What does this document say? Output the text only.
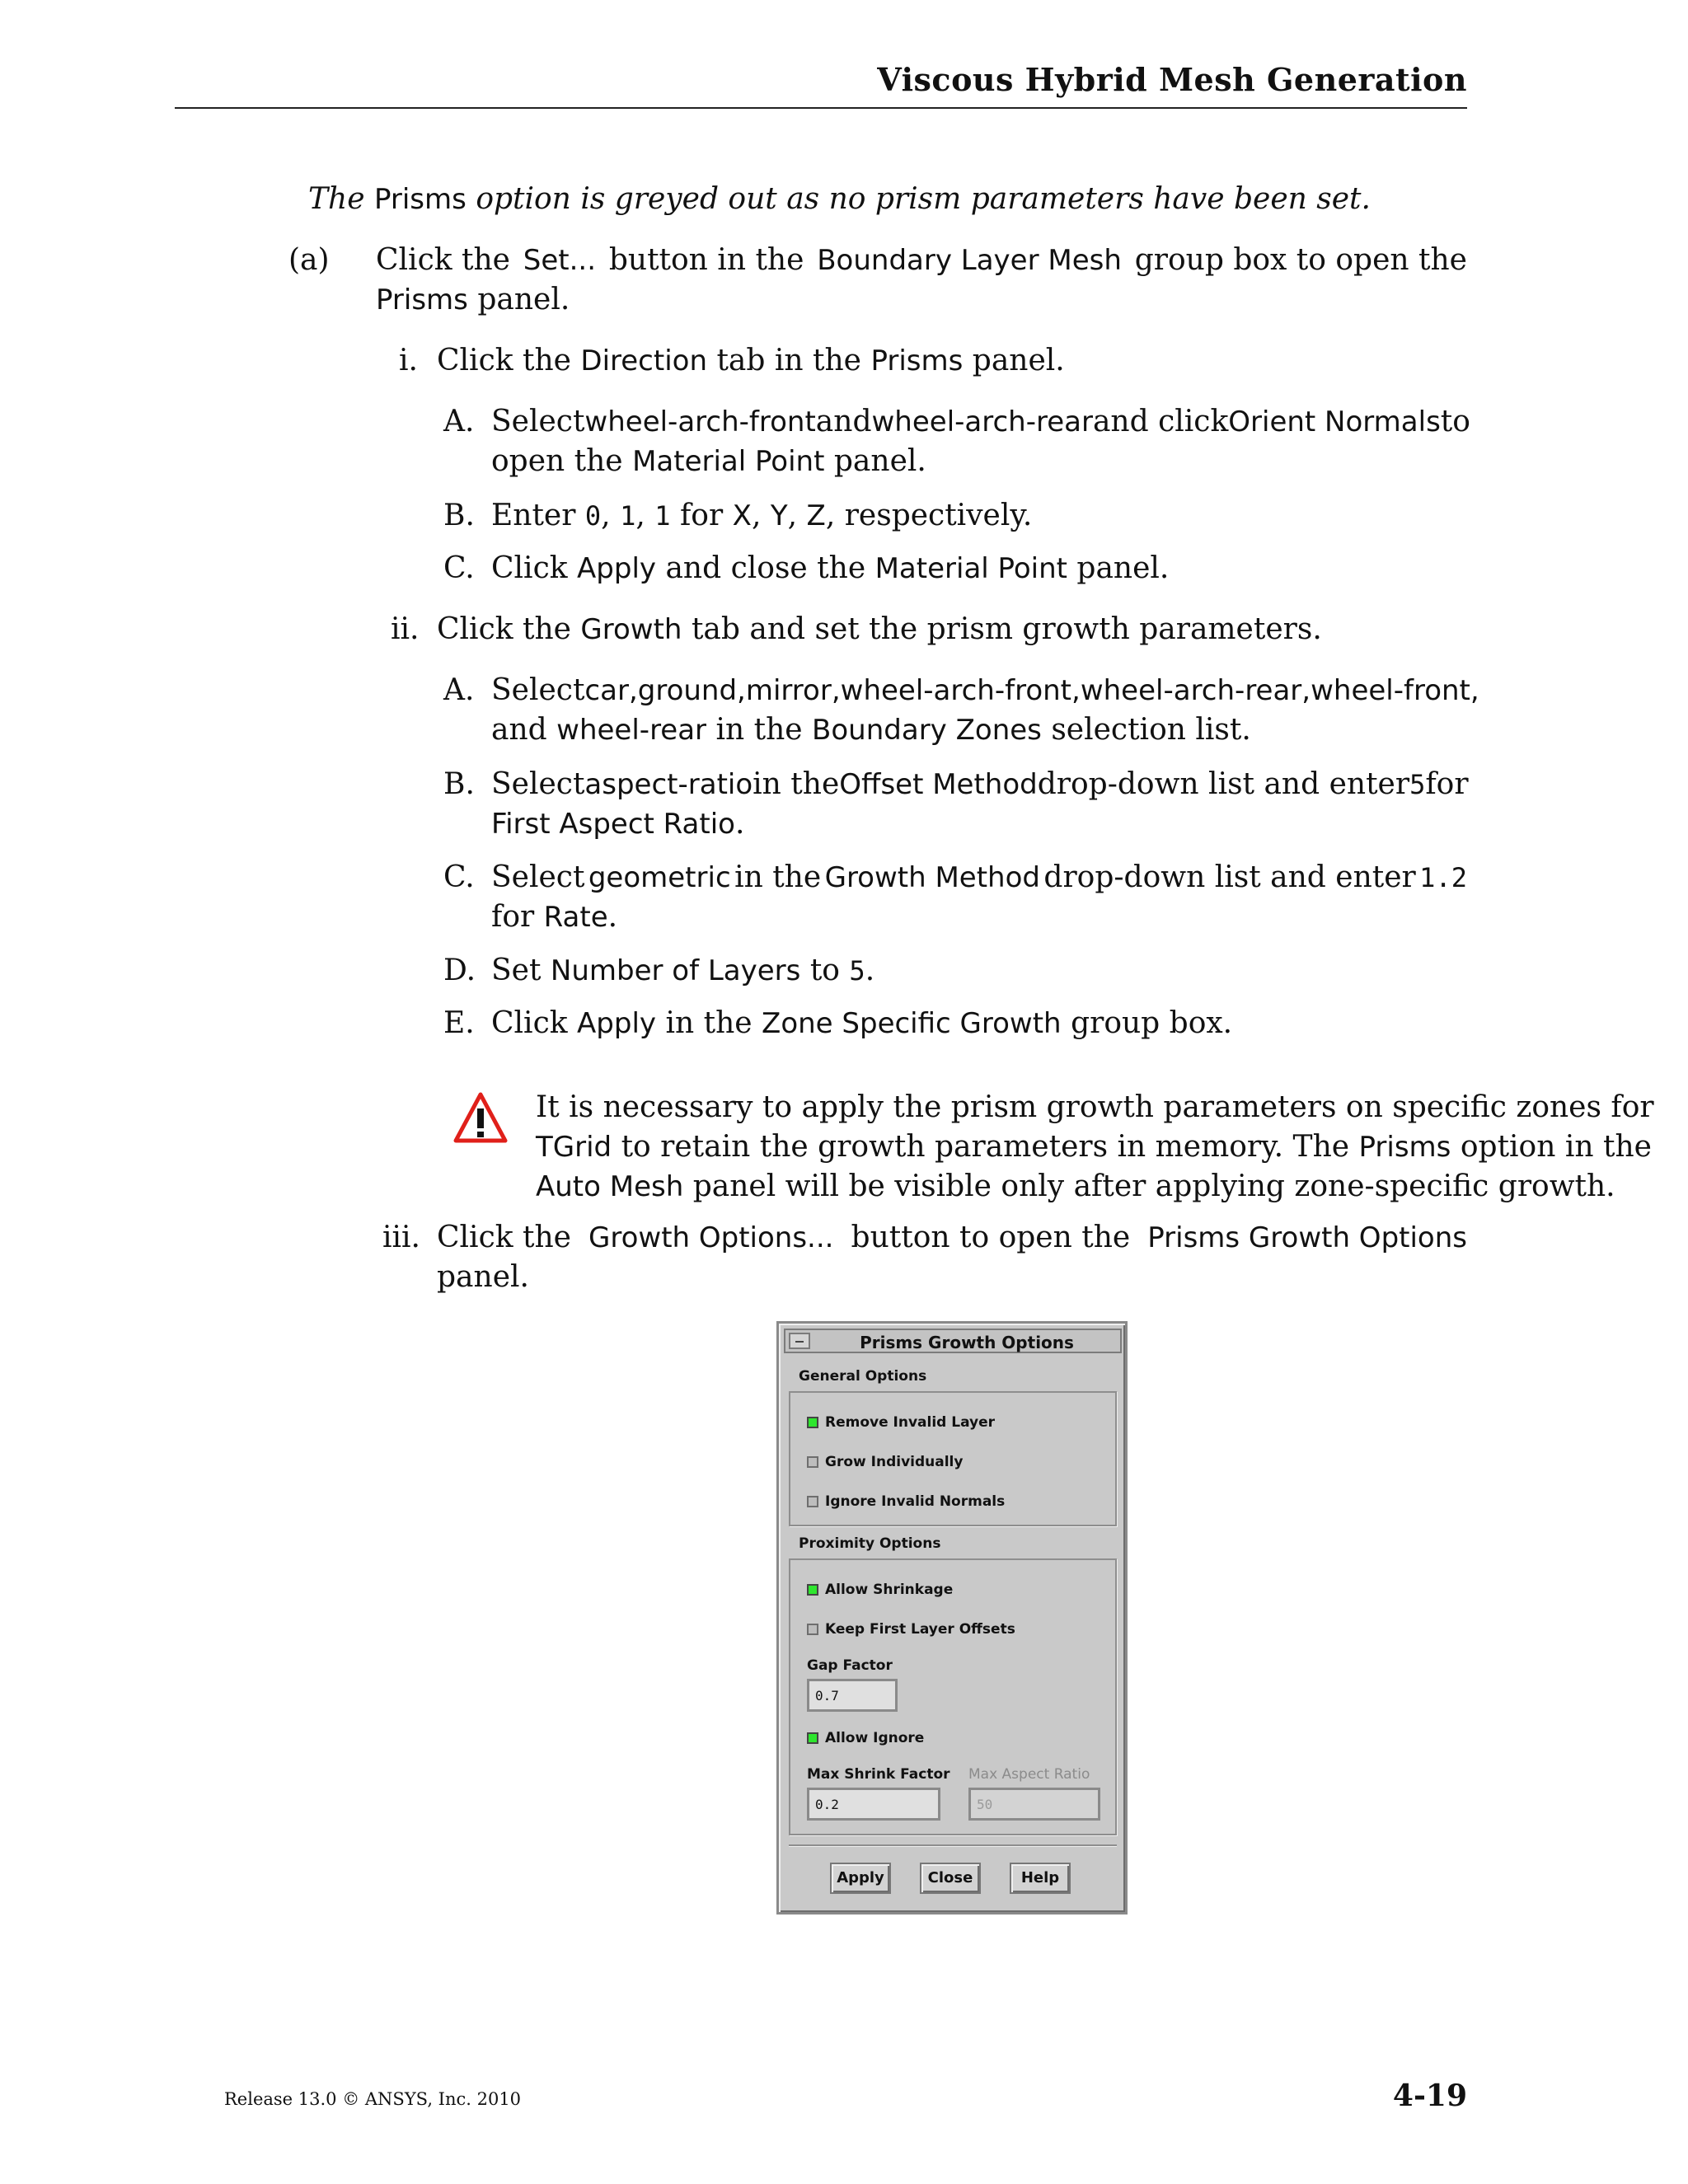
Viscous Hybrid Mesh Generation
The Prisms option is greyed out as no prism parameters have been set.
(a) Click the Set... button in the Boundary Layer Mesh group box to open the
Prisms panel.
i. Click the Direction tab in the Prisms panel.
A. Select wheel-arch-front and wheel-arch-rear and click Orient Normals to
open the Material Point panel.
B. Enter 0, 1, 1 for X, Y, Z, respectively.
C. Click Apply and close the Material Point panel.
ii. Click the Growth tab and set the prism growth parameters.
A. Select car, ground, mirror, wheel-arch-front, wheel-arch-rear, wheel-front,
and wheel-rear in the Boundary Zones selection list.
B. Select aspect-ratio in the Offset Method drop-down list and enter 5 for
First Aspect Ratio.
C. Select geometric in the Growth Method drop-down list and enter 1.2
for Rate.
D. Set Number of Layers to 5.
E. Click Apply in the Zone Specific Growth group box.
It is necessary to apply the prism growth parameters on specific zones for
TGrid to retain the growth parameters in memory. The Prisms option in the
Auto Mesh panel will be visible only after applying zone-specific growth.
iii. Click the Growth Options... button to open the Prisms Growth Options
panel.
Prisms Growth Options
General Options
Remove Invalid Layer
Grow Individually
Ignore Invalid Normals
Proximity Options
Allow Shrinkage
Keep First Layer Offsets
Gap Factor
0.7
Allow Ignore
Max Shrink Factor Max Aspect Ratio
0.2	50
Apply	Close	Help
Release 13.0 © ANSYS, Inc. 2010	4-19
